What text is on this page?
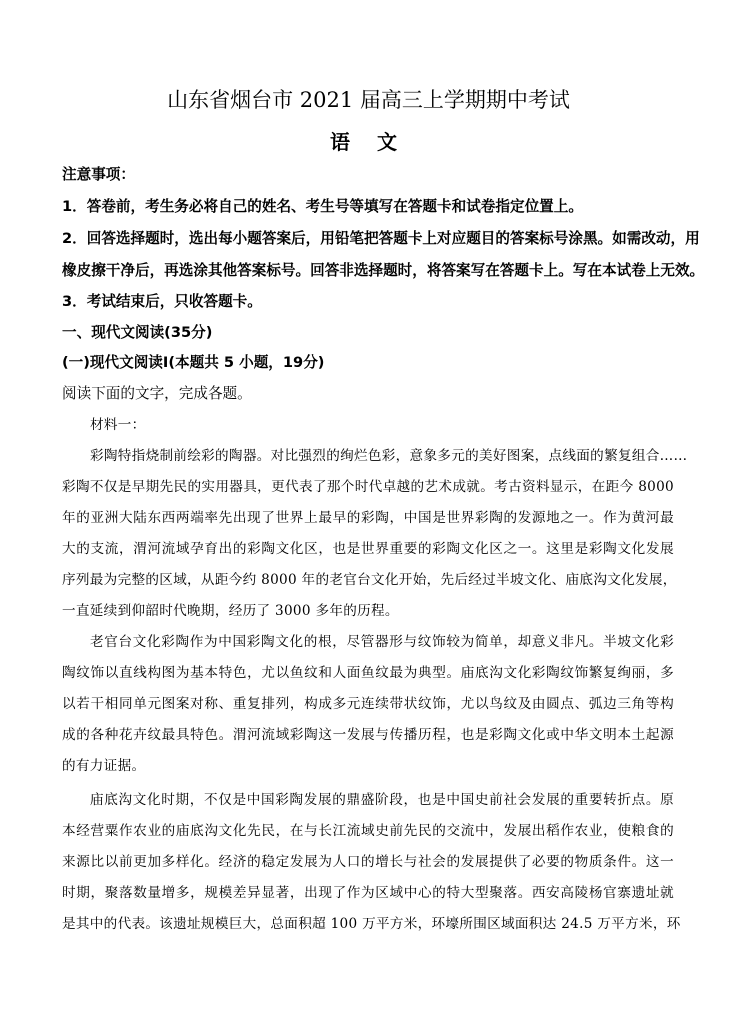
山东省烟台市 2021 届高三上学期期中考试
语 文
注意事项：
1．答卷前，考生务必将自己的姓名、考生号等填写在答题卡和试卷指定位置上。
2．回答选择题时，选出每小题答案后，用铅笔把答题卡上对应题目的答案标号涂黑。如需改动，用
橡皮擦干净后，再选涂其他答案标号。回答非选择题时，将答案写在答题卡上。写在本试卷上无效。
3．考试结束后，只收答题卡。
一、现代文阅读(35分)
(一)现代文阅读Ⅰ(本题共 5 小题，19分)
阅读下面的文字，完成各题。
材料一：
彩陶特指烧制前绘彩的陶器。对比强烈的绚烂色彩，意象多元的美好图案，点线面的繁复组合……
彩陶不仅是早期先民的实用器具，更代表了那个时代卓越的艺术成就。考古资料显示，在距今 8000
年的亚洲大陆东西两端率先出现了世界上最早的彩陶，中国是世界彩陶的发源地之一。作为黄河最
大的支流，渭河流域孕育出的彩陶文化区，也是世界重要的彩陶文化区之一。这里是彩陶文化发展
序列最为完整的区域，从距今约 8000 年的老官台文化开始，先后经过半坡文化、庙底沟文化发展，
一直延续到仰韶时代晚期，经历了 3000 多年的历程。
老官台文化彩陶作为中国彩陶文化的根，尽管器形与纹饰较为简单，却意义非凡。半坡文化彩
陶纹饰以直线构图为基本特色，尤以鱼纹和人面鱼纹最为典型。庙底沟文化彩陶纹饰繁复绚丽，多
以若干相同单元图案对称、重复排列，构成多元连续带状纹饰，尤以鸟纹及由圆点、弧边三角等构
成的各种花卉纹最具特色。渭河流域彩陶这一发展与传播历程，也是彩陶文化或中华文明本土起源
的有力证据。
庙底沟文化时期，不仅是中国彩陶发展的鼎盛阶段，也是中国史前社会发展的重要转折点。原
本经营粟作农业的庙底沟文化先民，在与长江流域史前先民的交流中，发展出稻作农业，使粮食的
来源比以前更加多样化。经济的稳定发展为人口的增长与社会的发展提供了必要的物质条件。这一
时期，聚落数量增多，规模差异显著，出现了作为区域中心的特大型聚落。西安高陵杨官寨遗址就
是其中的代表。该遗址规模巨大，总面积超 100 万平方米，环壕所围区域面积达 24.5 万平方米，环
